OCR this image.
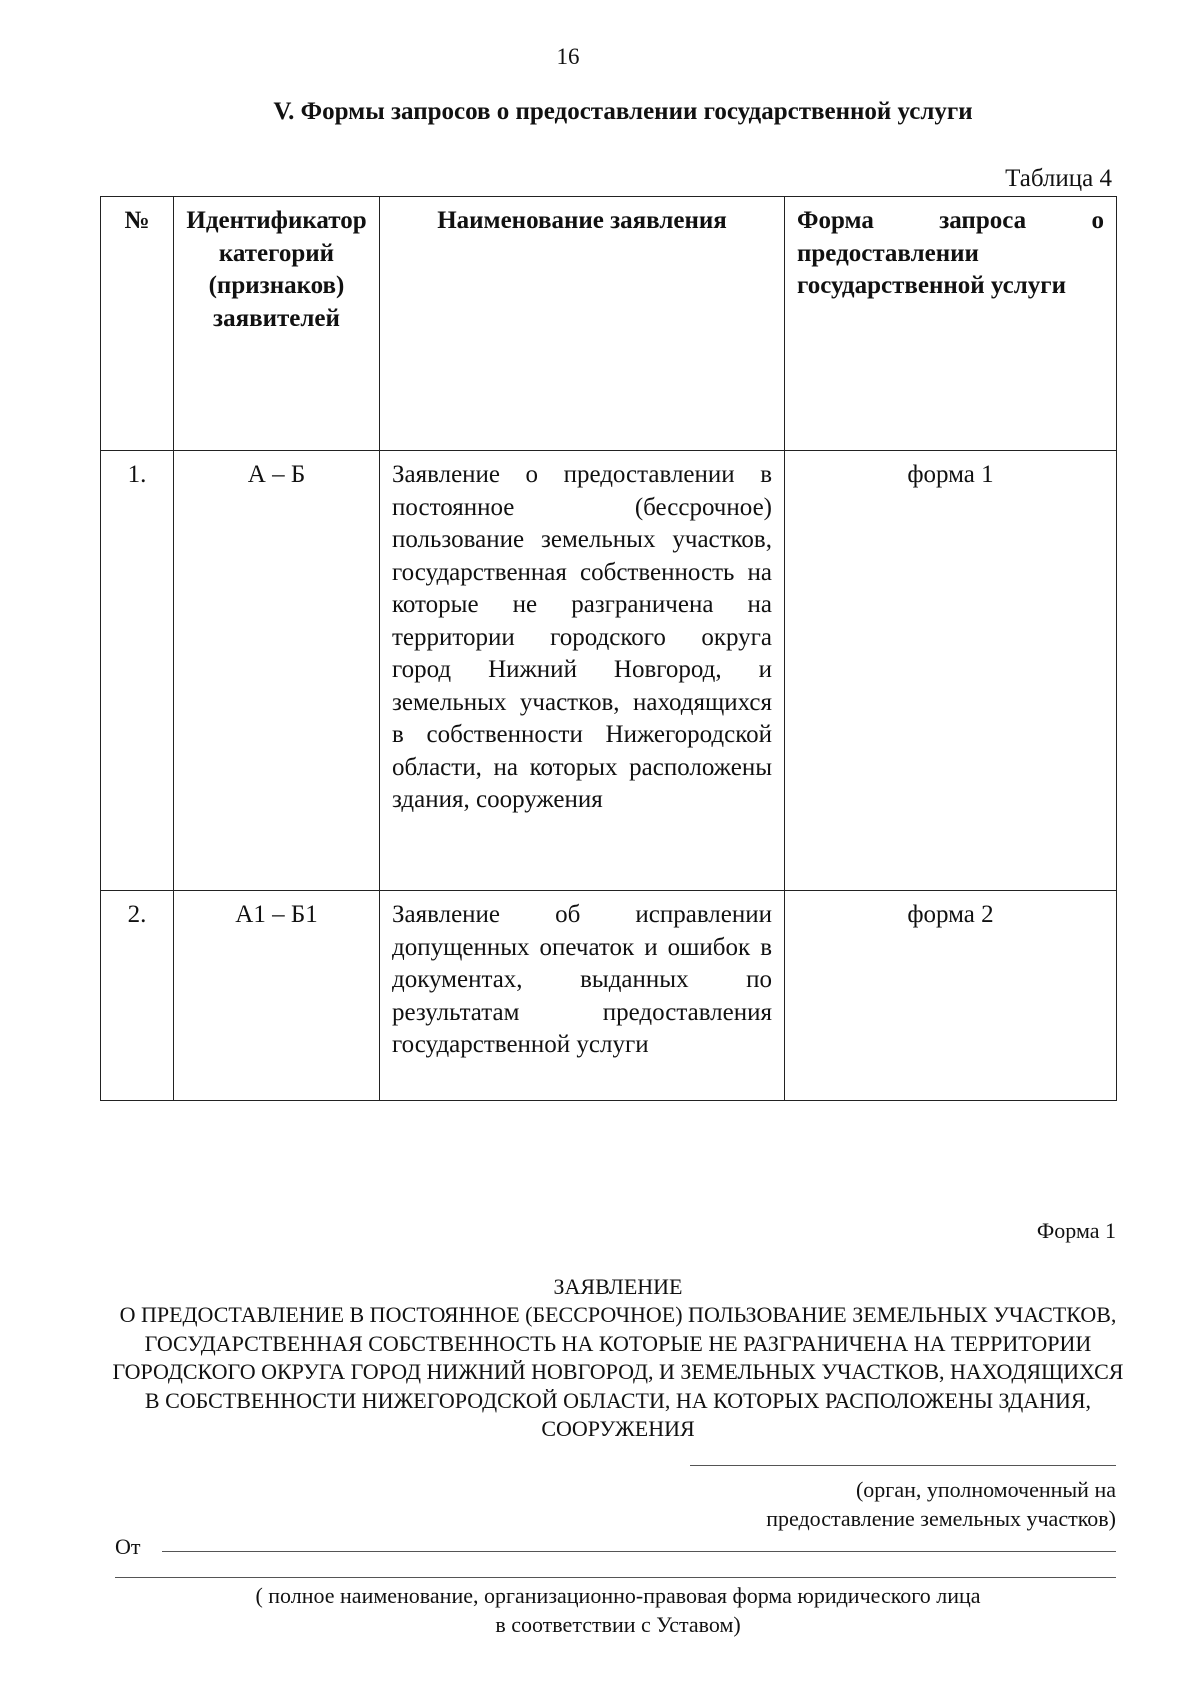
16
V. Формы запросов о предоставлении государственной услуги
Таблица 4
№	Идентификатор категорий (признаков) заявителей	Наименование заявления	Форма запроса о предоставлении государственной услуги
1.	А – Б	Заявление о предоставлении в постоянное (бессрочное) пользование земельных участков, государственная собственность на которые не разграничена на территории городского округа город Нижний Новгород, и земельных участков, находящихся в собственности Нижегородской области, на которых расположены здания, сооружения	форма 1
2.	А1 – Б1	Заявление об исправлении допущенных опечаток и ошибок в документах, выданных по результатам предоставления государственной услуги	форма 2
Форма 1
ЗАЯВЛЕНИЕ
О ПРЕДОСТАВЛЕНИЕ В ПОСТОЯННОЕ (БЕССРОЧНОЕ) ПОЛЬЗОВАНИЕ ЗЕМЕЛЬНЫХ УЧАСТКОВ, ГОСУДАРСТВЕННАЯ СОБСТВЕННОСТЬ НА КОТОРЫЕ НЕ РАЗГРАНИЧЕНА НА ТЕРРИТОРИИ ГОРОДСКОГО ОКРУГА ГОРОД НИЖНИЙ НОВГОРОД, И ЗЕМЕЛЬНЫХ УЧАСТКОВ, НАХОДЯЩИХСЯ В СОБСТВЕННОСТИ НИЖЕГОРОДСКОЙ ОБЛАСТИ, НА КОТОРЫХ РАСПОЛОЖЕНЫ ЗДАНИЯ, СООРУЖЕНИЯ
(орган, уполномоченный на
предоставление земельных участков)
От
( полное наименование, организационно-правовая форма юридического лица
в соответствии с Уставом)
